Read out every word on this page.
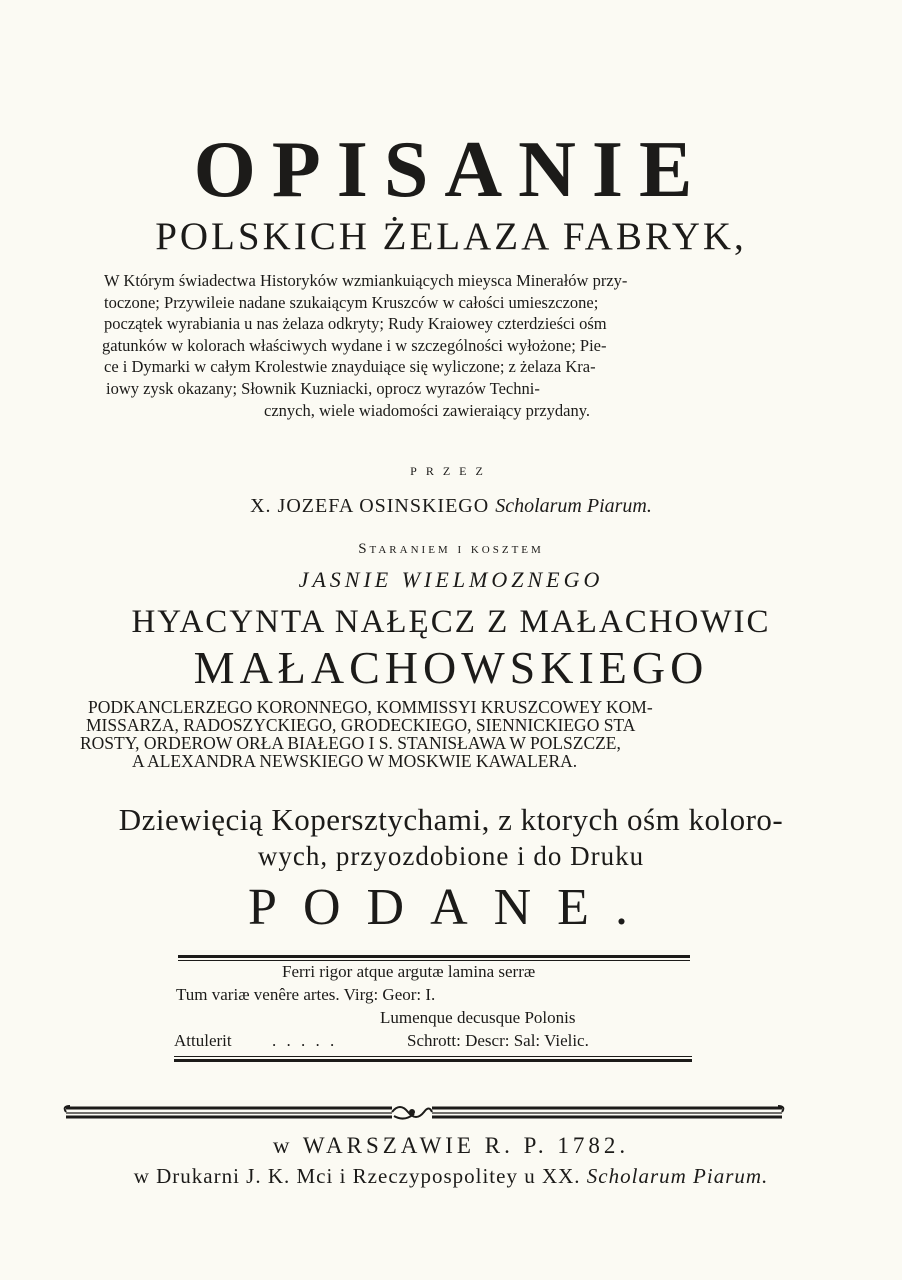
OPISANIE
POLSKICH ŻELAZA FABRYK,
W Którym świadectwa Historyków wzmiankuiących mieysca Minerałów przy-
toczone; Przywileie nadane szukaiącym Kruszców w całości umieszczone;
początek wyrabiania u nas żelaza odkryty; Rudy Kraiowey czterdzieści ośm
gatunków w kolorach właściwych wydane i w szczególności wyłożone; Pie-
ce i Dymarki w całym Krolestwie znayduiące się wyliczone; z żelaza Kra-
iowy zysk okazany; Słownik Kuzniacki, oprocz wyrazów Techni-
cznych, wiele wiadomości zawieraiący przydany.
PRZEZ
X. JOZEFA OSINSKIEGO Scholarum Piarum.
Staraniem i kosztem
JASNIE WIELMOZNEGO
HYACYNTA NAŁĘCZ Z MAŁACHOWIC
MAŁACHOWSKIEGO
PODKANCLERZEGO KORONNEGO, KOMMISSYI KRUSZCOWEY KOM-
MISSARZA, RADOSZYCKIEGO, GRODECKIEGO, SIENNICKIEGO STA
ROSTY, ORDEROW ORŁA BIAŁEGO I S. STANISŁAWA W POLSZCZE,
A ALEXANDRA NEWSKIEGO W MOSKWIE KAWALERA.
Dziewięcią Kopersztychami, z ktorych ośm koloro-
wych, przyozdobione i do Druku
PODANE.
Ferri rigor atque argutæ lamina serræ
Tum variæ venêre artes. Virg: Geor: I.
Lumenque decusque Polonis
Attulerit . . . . .	Schrott: Descr: Sal: Vielic.
w WARSZAWIE R. P. 1782.
w Drukarni J. K. Mci i Rzeczypospolitey u XX. Scholarum Piarum.
